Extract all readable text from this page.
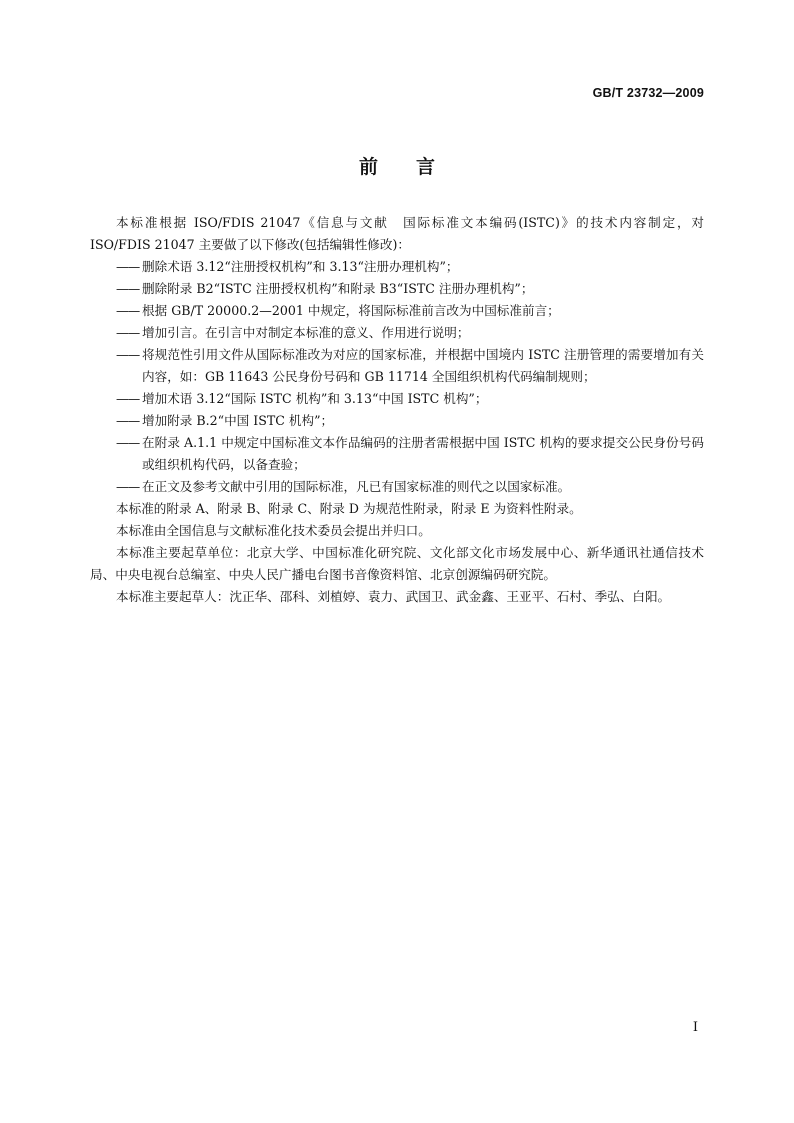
GB/T 23732—2009
前言

本标准根据 ISO/FDIS 21047《信息与文献　国际标准文本编码(ISTC)》的技术内容制定，对 ISO/FDIS 21047 主要做了以下修改(包括编辑性修改)：

—— 删除术语 3.12“注册授权机构”和 3.13“注册办理机构”；

—— 删除附录 B2“ISTC 注册授权机构”和附录 B3“ISTC 注册办理机构”；

—— 根据 GB/T 20000.2—2001 中规定，将国际标准前言改为中国标准前言；

—— 增加引言。在引言中对制定本标准的意义、作用进行说明；

—— 将规范性引用文件从国际标准改为对应的国家标准，并根据中国境内 ISTC 注册管理的需要增加有关内容，如：GB 11643 公民身份号码和 GB 11714 全国组织机构代码编制规则；

—— 增加术语 3.12“国际 ISTC 机构”和 3.13“中国 ISTC 机构”；

—— 增加附录 B.2“中国 ISTC 机构”；

—— 在附录 A.1.1 中规定中国标准文本作品编码的注册者需根据中国 ISTC 机构的要求提交公民身份号码或组织机构代码，以备查验；

—— 在正文及参考文献中引用的国际标准，凡已有国家标准的则代之以国家标准。

本标准的附录 A、附录 B、附录 C、附录 D 为规范性附录，附录 E 为资料性附录。

本标准由全国信息与文献标准化技术委员会提出并归口。

本标准主要起草单位：北京大学、中国标准化研究院、文化部文化市场发展中心、新华通讯社通信技术局、中央电视台总编室、中央人民广播电台图书音像资料馆、北京创源编码研究院。

本标准主要起草人：沈正华、邵科、刘植婷、袁力、武国卫、武金鑫、王亚平、石村、季弘、白阳。

I
